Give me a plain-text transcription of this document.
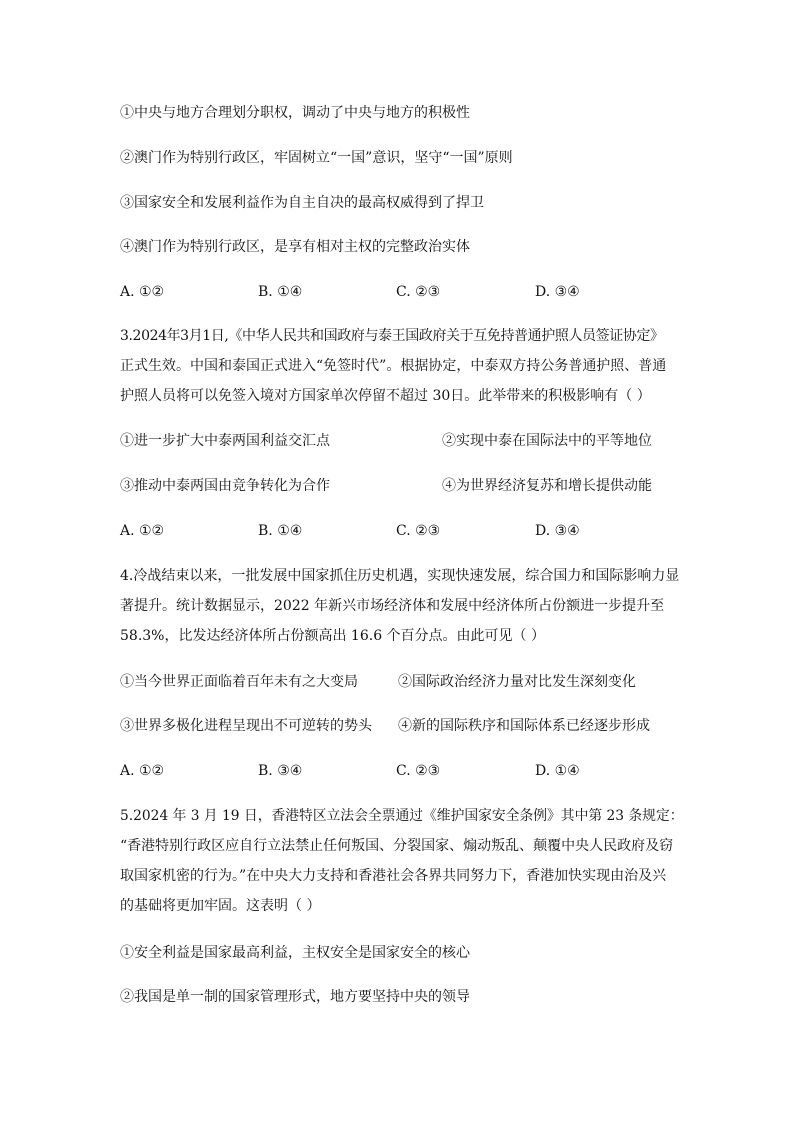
①中央与地方合理划分职权，调动了中央与地方的积极性
②澳门作为特别行政区，牢固树立“一国”意识，坚守“一国”原则
③国家安全和发展利益作为自主自决的最高权威得到了捍卫
④澳门作为特别行政区，是享有相对主权的完整政治实体
A. ①②	B. ①④	C. ②③	D. ③④
3.2024年3月1日,《中华人民共和国政府与泰王国政府关于互免持普通护照人员签证协定》
正式生效。中国和泰国正式进入“免签时代”。根据协定，中泰双方持公务普通护照、普通
护照人员将可以免签入境对方国家单次停留不超过 30日。此举带来的积极影响有（ ）
①进一步扩大中泰两国利益交汇点	②实现中泰在国际法中的平等地位
③推动中泰两国由竞争转化为合作	④为世界经济复苏和增长提供动能
A. ①②	B. ①④	C. ②③	D. ③④
4.冷战结束以来，一批发展中国家抓住历史机遇，实现快速发展，综合国力和国际影响力显
著提升。统计数据显示，2022 年新兴市场经济体和发展中经济体所占份额进一步提升至
58.3%，比发达经济体所占份额高出 16.6 个百分点。由此可见（ ）
①当今世界正面临着百年未有之大变局	②国际政治经济力量对比发生深刻变化
③世界多极化进程呈现出不可逆转的势头 ④新的国际秩序和国际体系已经逐步形成
A. ①②	B. ③④	C. ②③	D. ①④
5.2024 年 3 月 19 日，香港特区立法会全票通过《维护国家安全条例》其中第 23 条规定：
“香港特别行政区应自行立法禁止任何叛国、分裂国家、煽动叛乱、颠覆中央人民政府及窃
取国家机密的行为。”在中央大力支持和香港社会各界共同努力下，香港加快实现由治及兴
的基础将更加牢固。这表明（ ）
①安全利益是国家最高利益，主权安全是国家安全的核心
②我国是单一制的国家管理形式，地方要坚持中央的领导
